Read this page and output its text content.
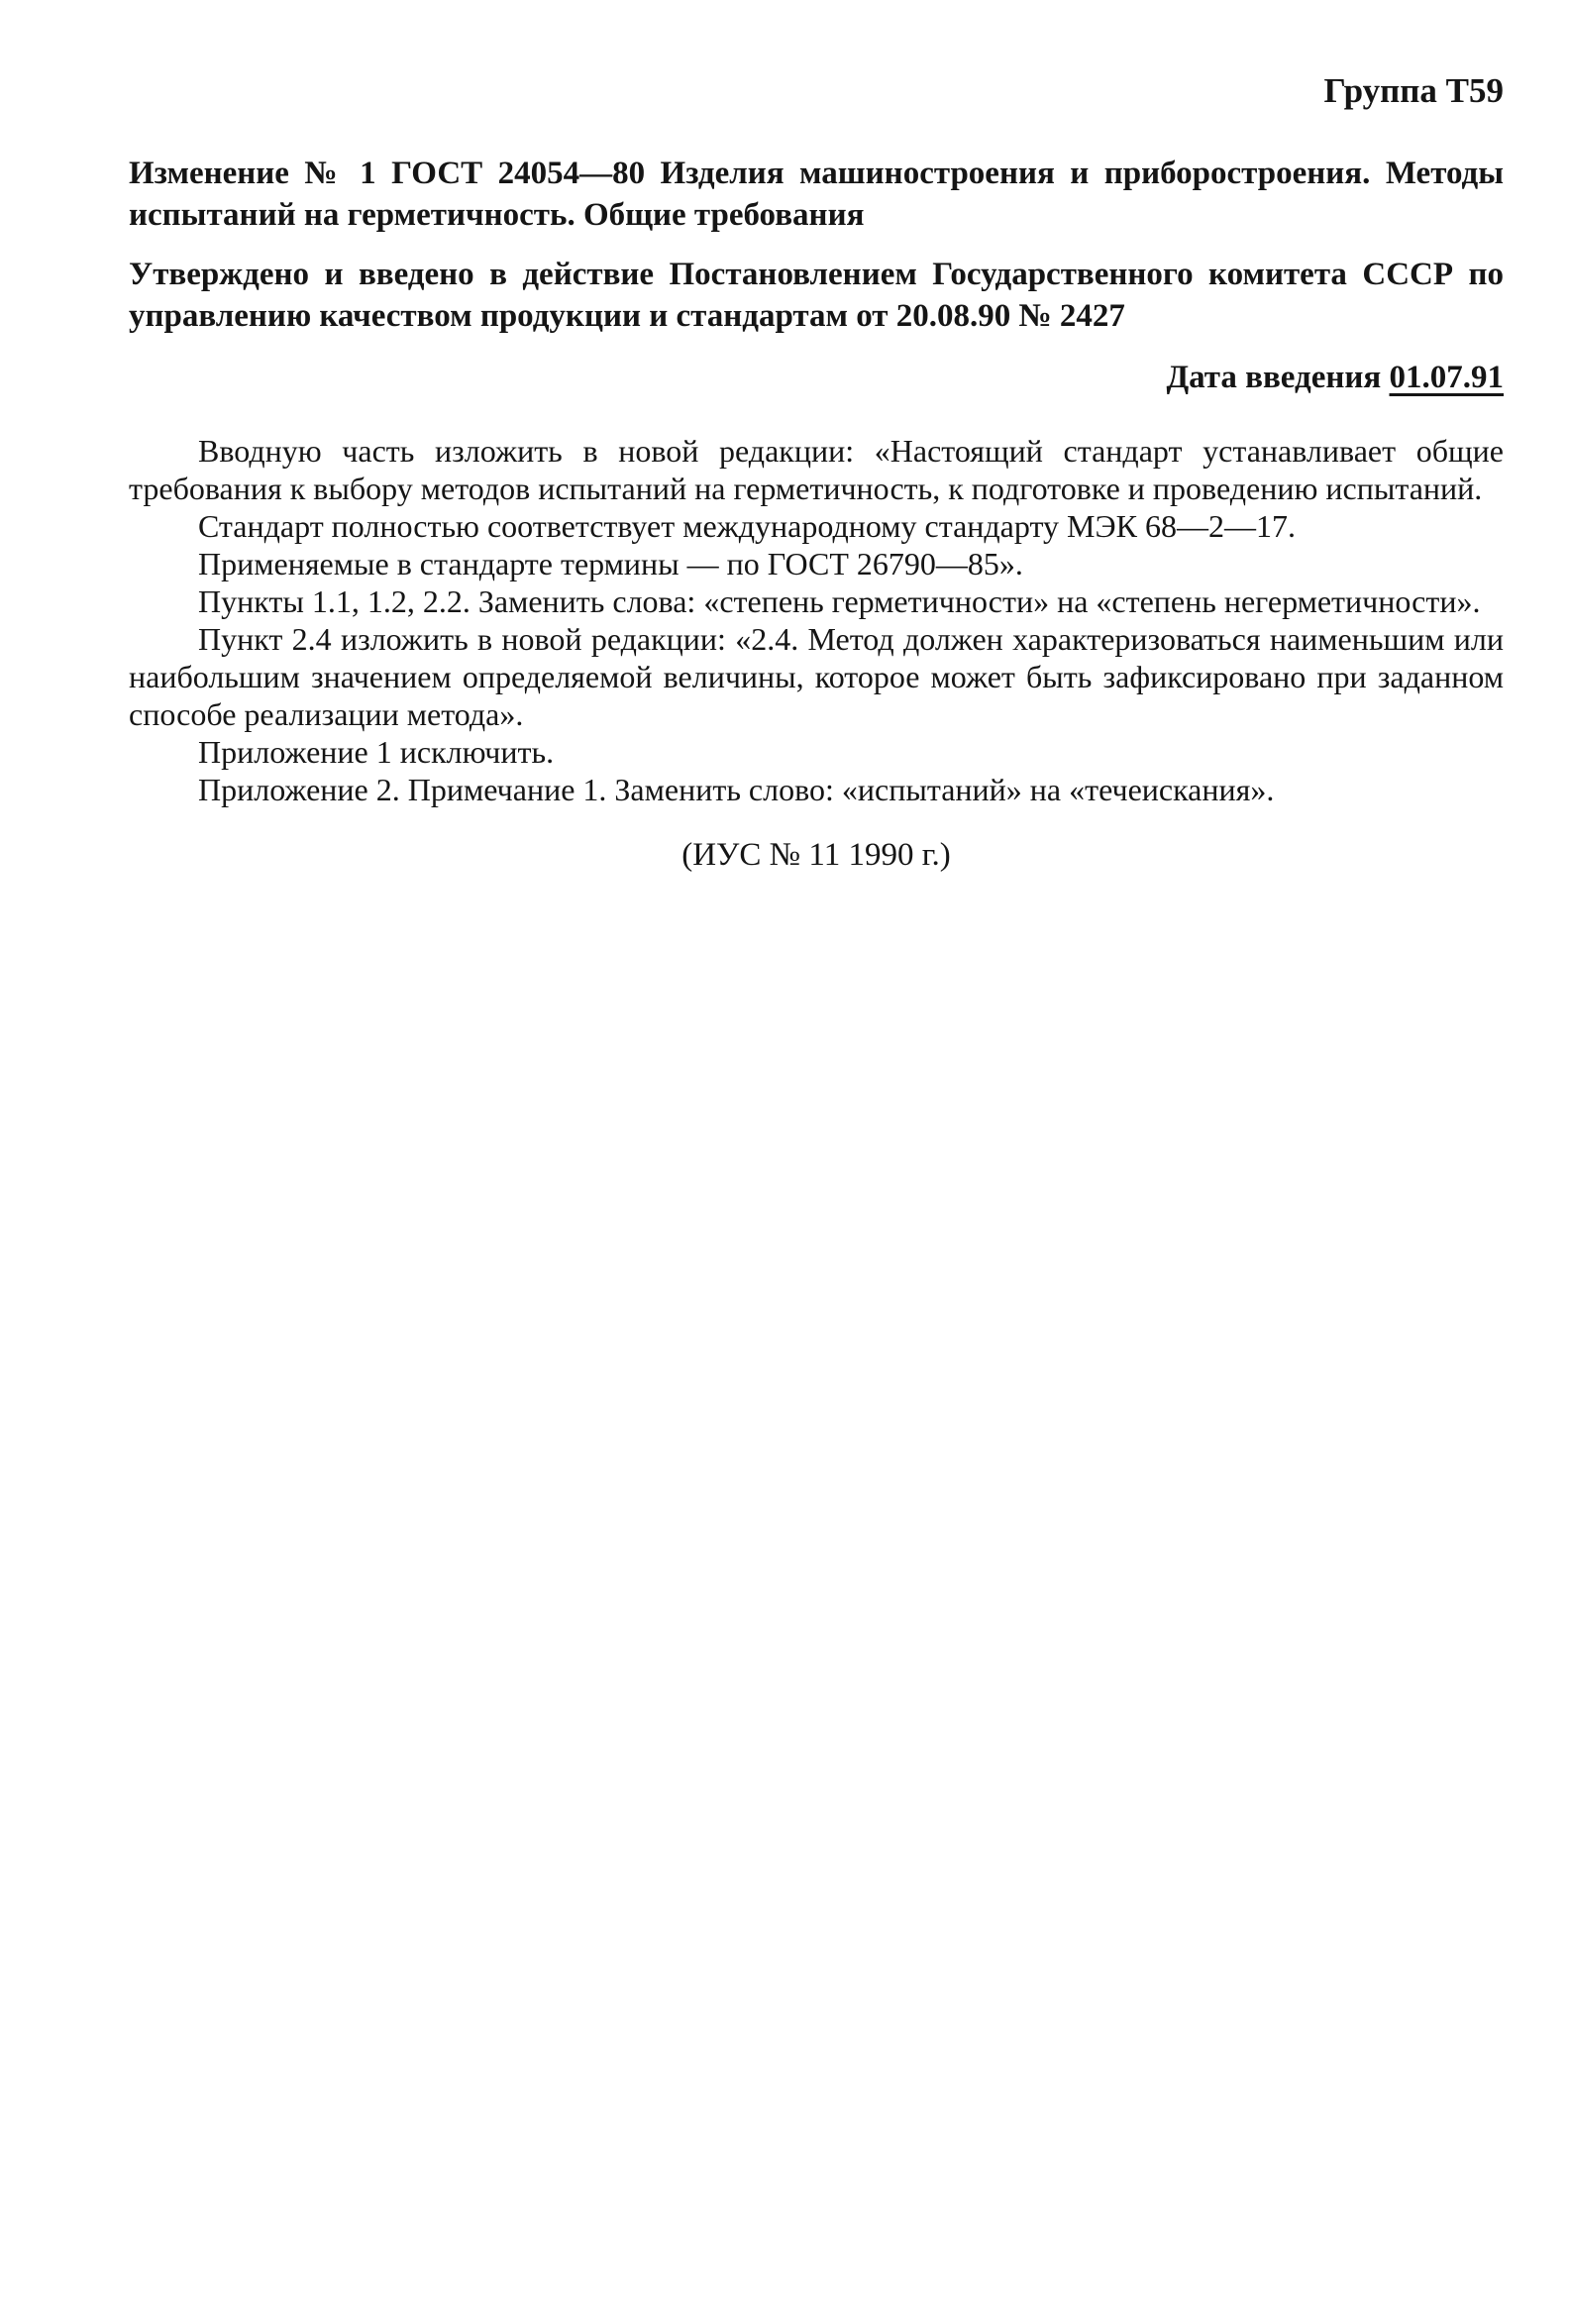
Группа Т59

Изменение № 1 ГОСТ 24054—80 Изделия машиностроения и приборостроения. Методы испытаний на герметичность. Общие требования

Утверждено и введено в действие Постановлением Государственного комитета СССР по управлению качеством продукции и стандартам от 20.08.90 № 2427

Дата введения 01.07.91

Вводную часть изложить в новой редакции: «Настоящий стандарт устанавливает общие требования к выбору методов испытаний на герметичность, к подготовке и проведению испытаний.

Стандарт полностью соответствует международному стандарту МЭК 68—2—17.

Применяемые в стандарте термины — по ГОСТ 26790—85».

Пункты 1.1, 1.2, 2.2. Заменить слова: «степень герметичности» на «степень негерметичности».

Пункт 2.4 изложить в новой редакции: «2.4. Метод должен характеризоваться наименьшим или наибольшим значением определяемой величины, которое может быть зафиксировано при заданном способе реализации метода».

Приложение 1 исключить.

Приложение 2. Примечание 1. Заменить слово: «испытаний» на «течеискания».

(ИУС № 11 1990 г.)
